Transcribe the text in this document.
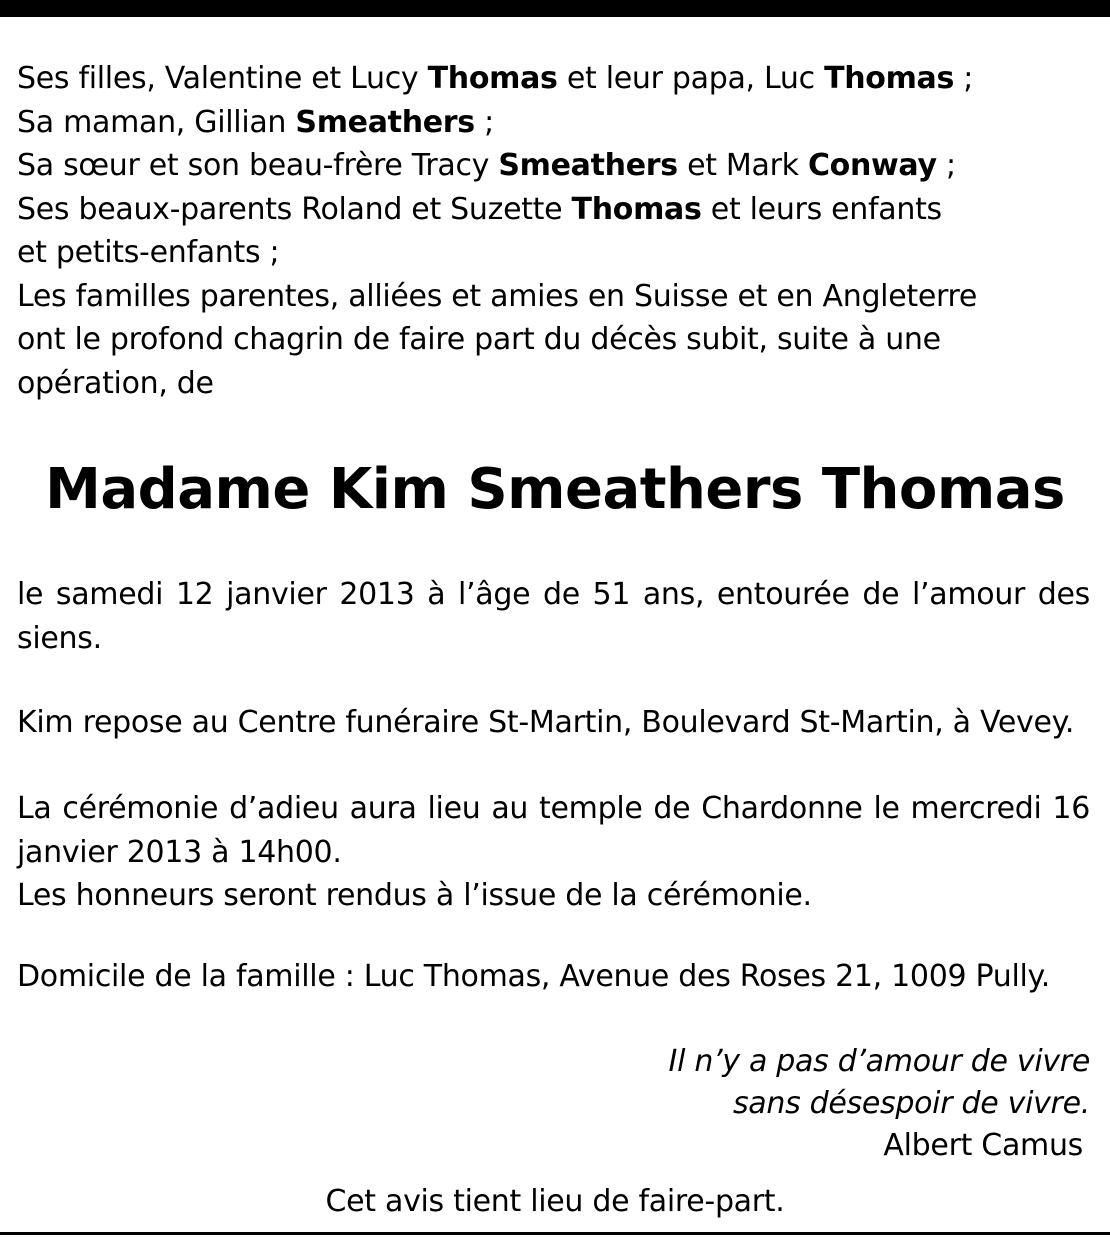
Ses filles, Valentine et Lucy Thomas et leur papa, Luc Thomas ;
Sa maman, Gillian Smeathers ;
Sa sœur et son beau-frère Tracy Smeathers et Mark Conway ;
Ses beaux-parents Roland et Suzette Thomas et leurs enfants
et petits-enfants ;
Les familles parentes, alliées et amies en Suisse et en Angleterre
ont le profond chagrin de faire part du décès subit, suite à une
opération, de
Madame Kim Smeathers Thomas

le samedi 12 janvier 2013 à l’âge de 51 ans, entourée de l’amour des siens.

Kim repose au Centre funéraire St-Martin, Boulevard St-Martin, à Vevey.

La cérémonie d’adieu aura lieu au temple de Chardonne le mercredi 16 janvier 2013 à 14h00.
Les honneurs seront rendus à l’issue de la cérémonie.

Domicile de la famille : Luc Thomas, Avenue des Roses 21, 1009 Pully.

Il n’y a pas d’amour de vivre
sans désespoir de vivre.
Albert Camus
Cet avis tient lieu de faire-part.
